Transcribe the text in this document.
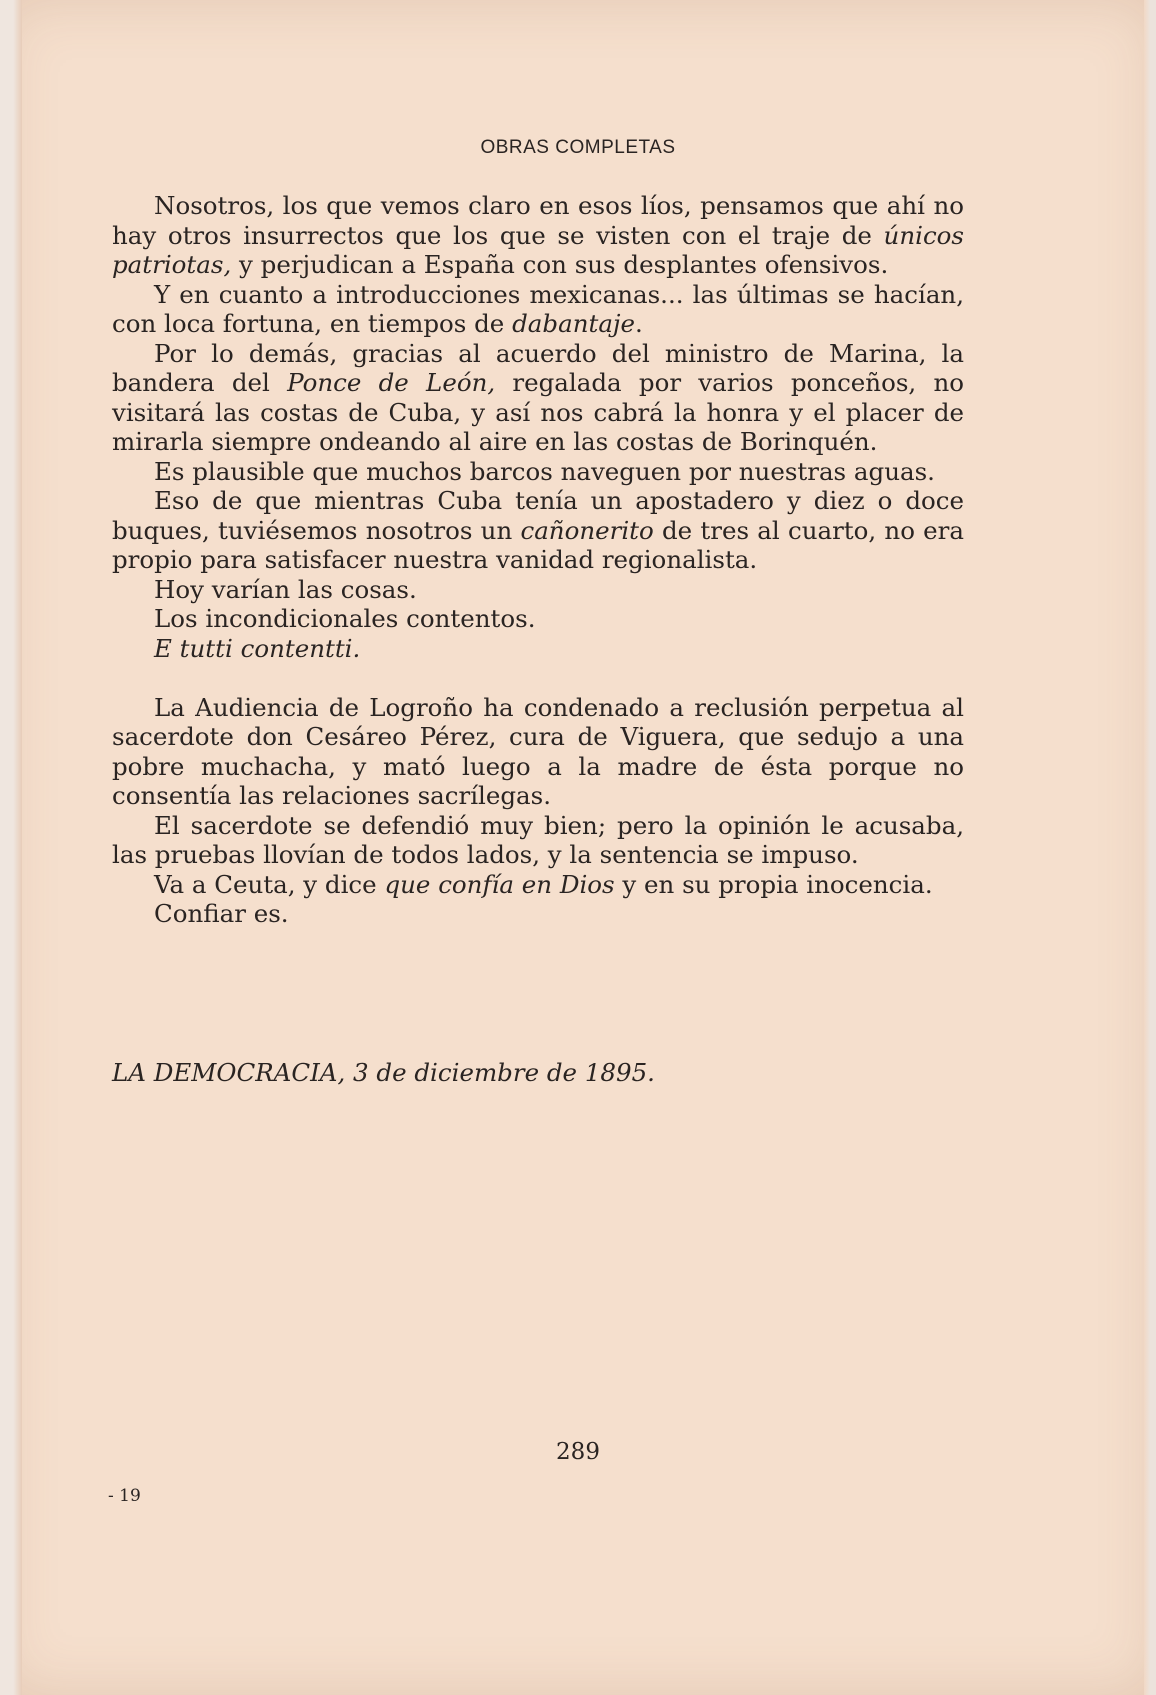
OBRAS COMPLETAS

Nosotros, los que vemos claro en esos líos, pensamos que ahí no hay otros insurrectos que los que se visten con el traje de únicos patriotas, y perjudican a España con sus desplantes ofensivos.

Y en cuanto a introducciones mexicanas... las últimas se hacían, con loca fortuna, en tiempos de dabantaje.

Por lo demás, gracias al acuerdo del ministro de Marina, la bandera del Ponce de León, regalada por varios ponceños, no visitará las costas de Cuba, y así nos cabrá la honra y el placer de mirarla siempre ondeando al aire en las costas de Borinquén.

Es plausible que muchos barcos naveguen por nuestras aguas.

Eso de que mientras Cuba tenía un apostadero y diez o doce buques, tuviésemos nosotros un cañonerito de tres al cuarto, no era propio para satisfacer nuestra vanidad regionalista.

Hoy varían las cosas.

Los incondicionales contentos.

E tutti contentti.

La Audiencia de Logroño ha condenado a reclusión perpetua al sacerdote don Cesáreo Pérez, cura de Viguera, que sedujo a una pobre muchacha, y mató luego a la madre de ésta porque no consentía las relaciones sacrílegas.

El sacerdote se defendió muy bien; pero la opinión le acusaba, las pruebas llovían de todos lados, y la sentencia se impuso.

Va a Ceuta, y dice que confía en Dios y en su propia inocencia.

Confiar es.

LA DEMOCRACIA, 3 de diciembre de 1895.
289
- 19
